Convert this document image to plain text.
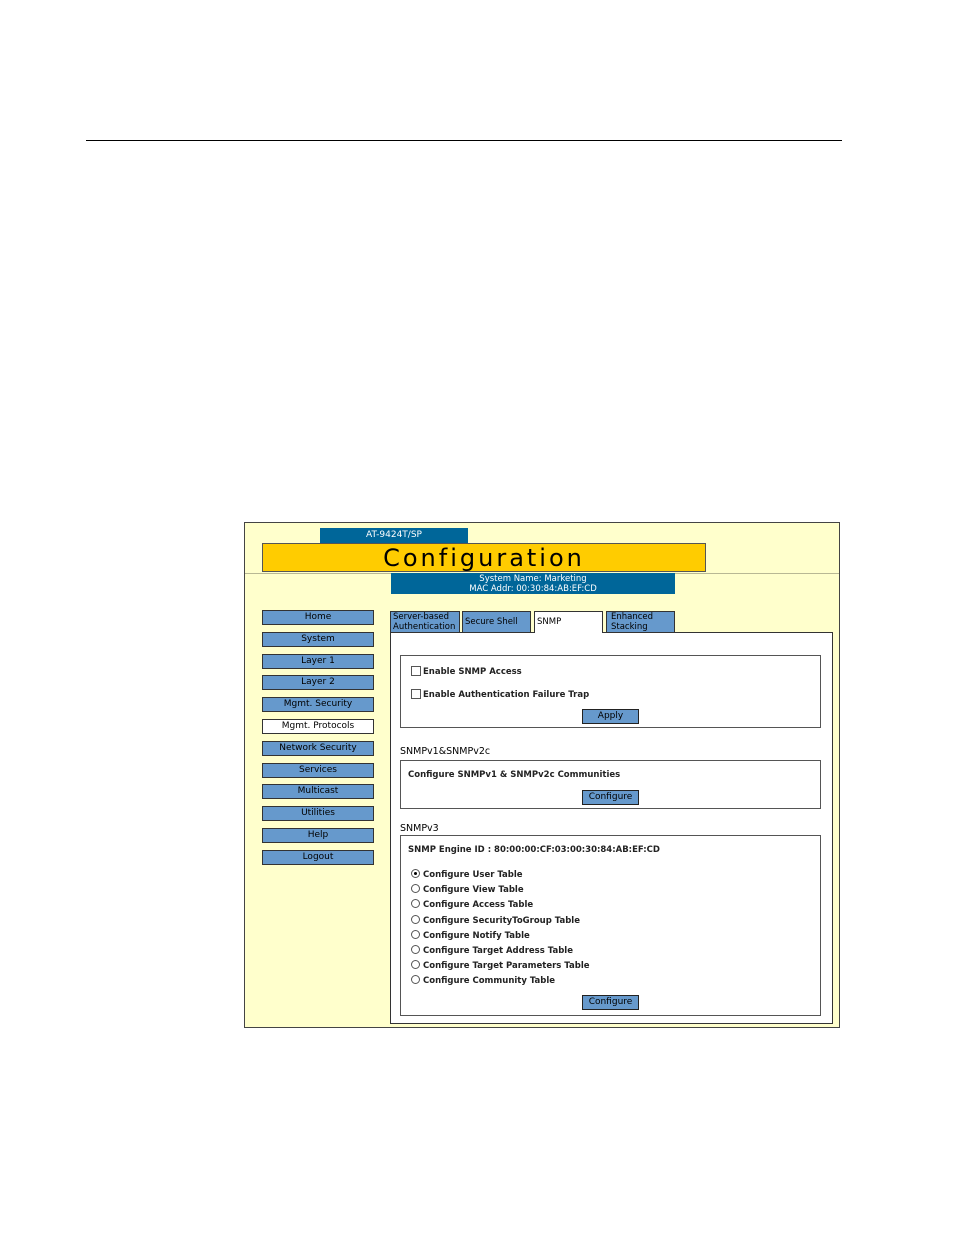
AT-9424T/SP
Configuration
System Name: Marketing
MAC Addr: 00:30:84:AB:EF:CD
Home
System
Layer 1
Layer 2
Mgmt. Security
Mgmt. Protocols
Network Security
Services
Multicast
Utilities
Help
Logout
Server-based
Authentication	Secure Shell	SNMP	Enhanced
Stacking
Enable SNMP Access
Enable Authentication Failure Trap
Apply
SNMPv1&SNMPv2c
Configure SNMPv1 & SNMPv2c Communities
Configure
SNMPv3
SNMP Engine ID : 80:00:00:CF:03:00:30:84:AB:EF:CD
Configure User Table
Configure View Table
Configure Access Table
Configure SecurityToGroup Table
Configure Notify Table
Configure Target Address Table
Configure Target Parameters Table
Configure Community Table
Configure
